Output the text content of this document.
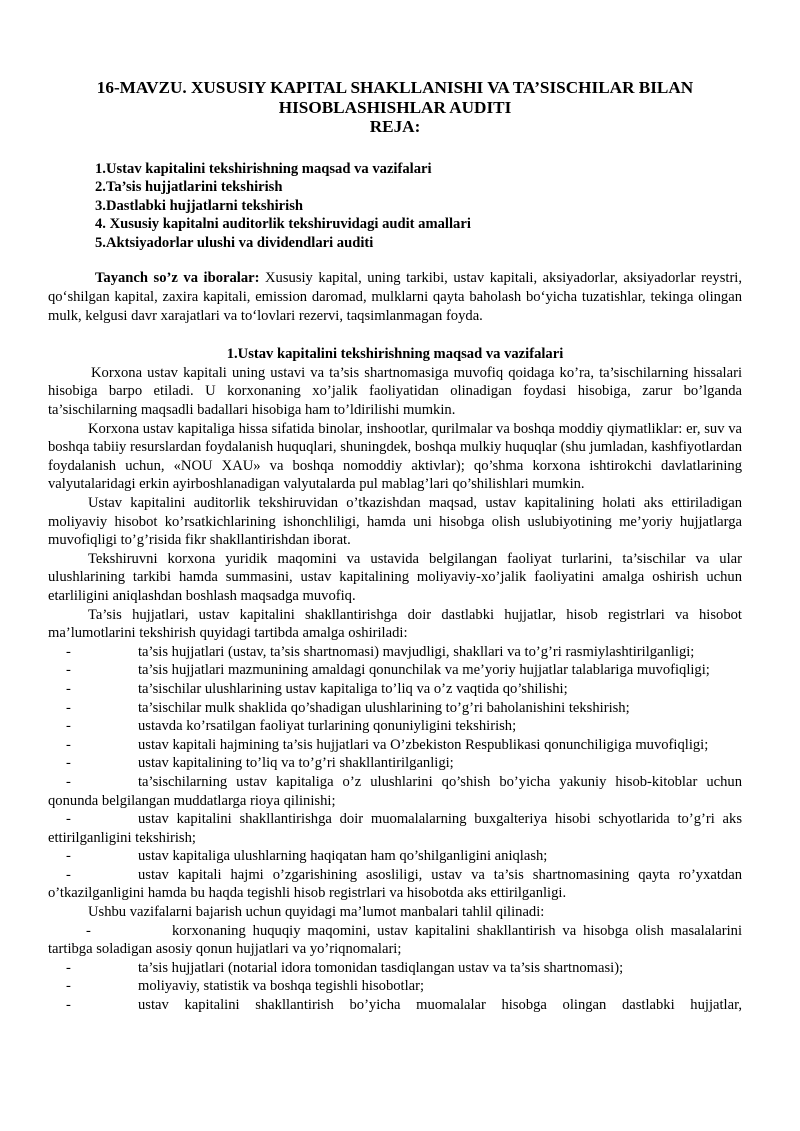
16-MAVZU. XUSUSIY KAPITAL SHAKLLANISHI VA TA’SISCHILAR BILAN
HISOBLASHISHLAR AUDITI
REJA:
1.Ustav kapitalini tekshirishning maqsad va vazifalari
2.Ta’sis hujjatlarini tekshirish
3.Dastlabki hujjatlarni tekshirish
4. Xususiy kapitalni auditorlik tekshiruvidagi audit amallari
5.Aktsiyadorlar ulushi va dividendlari auditi
Tayanch so’z va iboralar: Xususiy kapital, uning tarkibi, ustav kapitali, aksiyadorlar, aksiyadorlar reystri, qo‘shilgan kapital, zaxira kapitali, emission daromad, mulklarni qayta baholash bo‘yicha tuzatishlar, tekinga olingan mulk, kelgusi davr xarajatlari va to‘lovlari rezervi, taqsimlanmagan foyda.
1.Ustav kapitalini tekshirishning maqsad va vazifalari
Korxona ustav kapitali uning ustavi va ta’sis shartnomasiga muvofiq qoidaga ko’ra, ta’sischilarning hissalari hisobiga barpo etiladi. U korxonaning xo’jalik faoliyatidan olinadigan foydasi hisobiga, zarur bo’lganda ta’sischilarning maqsadli badallari hisobiga ham to’ldirilishi mumkin.
Korxona ustav kapitaliga hissa sifatida binolar, inshootlar, qurilmalar va boshqa moddiy qiymatliklar: er, suv va boshqa tabiiy resurslardan foydalanish huquqlari, shuningdek, boshqa mulkiy huquqlar (shu jumladan, kashfiyotlardan foydalanish uchun, «NOU XAU» va boshqa nomoddiy aktivlar); qo’shma korxona ishtirokchi davlatlarining valyutalaridagi erkin ayirboshlanadigan valyutalarda pul mablag’lari qo’shilishlari mumkin.
Ustav kapitalini auditorlik tekshiruvidan o’tkazishdan maqsad, ustav kapitalining holati aks ettiriladigan moliyaviy hisobot ko’rsatkichlarining ishonchliligi, hamda uni hisobga olish uslubiyotining me’yoriy hujjatlarga muvofiqligi to’g’risida fikr shakllantirishdan iborat.
Tekshiruvni korxona yuridik maqomini va ustavida belgilangan faoliyat turlarini, ta’sischilar va ular ulushlarining tarkibi hamda summasini, ustav kapitalining moliyaviy-xo’jalik faoliyatini amalga oshirish uchun etarliligini aniqlashdan boshlash maqsadga muvofiq.
Ta’sis hujjatlari, ustav kapitalini shakllantirishga doir dastlabki hujjatlar, hisob registrlari va hisobot ma’lumotlarini tekshirish quyidagi tartibda amalga oshiriladi:
-	ta’sis hujjatlari (ustav, ta’sis shartnomasi) mavjudligi, shakllari va to’g’ri rasmiylashtirilganligi;
-	ta’sis hujjatlari mazmunining amaldagi qonunchilak va me’yoriy hujjatlar talablariga muvofiqligi;
-	ta’sischilar ulushlarining ustav kapitaliga to’liq va o’z vaqtida qo’shilishi;
-	ta’sischilar mulk shaklida qo’shadigan ulushlarining to’g’ri baholanishini tekshirish;
-	ustavda ko’rsatilgan faoliyat turlarining qonuniyligini tekshirish;
-	ustav kapitali hajmining ta’sis hujjatlari va O’zbekiston Respublikasi qonunchiligiga muvofiqligi;
-	ustav kapitalining to’liq va to’g’ri shakllantirilganligi;
-	ta’sischilarning ustav kapitaliga o’z ulushlarini qo’shish bo’yicha yakuniy hisob-kitoblar uchun qonunda belgilangan muddatlarga rioya qilinishi;
-	ustav kapitalini shakllantirishga doir muomalalarning buxgalteriya hisobi schyotlarida to’g’ri aks ettirilganligini tekshirish;
-	ustav kapitaliga ulushlarning haqiqatan ham qo’shilganligini aniqlash;
-	ustav kapitali hajmi o’zgarishining asosliligi, ustav va ta’sis shartnomasining qayta ro’yxatdan o’tkazilganligini hamda bu haqda tegishli hisob registrlari va hisobotda aks ettirilganligi.
Ushbu vazifalarni bajarish uchun quyidagi ma’lumot manbalari tahlil qilinadi:
-	korxonaning huquqiy maqomini, ustav kapitalini shakllantirish va hisobga olish masalalarini tartibga soladigan asosiy qonun hujjatlari va yo’riqnomalari;
-	ta’sis hujjatlari (notarial idora tomonidan tasdiqlangan ustav va ta’sis shartnomasi);
-	moliyaviy, statistik va boshqa tegishli hisobotlar;
-	ustav kapitalini shakllantirish bo’yicha muomalalar hisobga olingan dastlabki hujjatlar,
